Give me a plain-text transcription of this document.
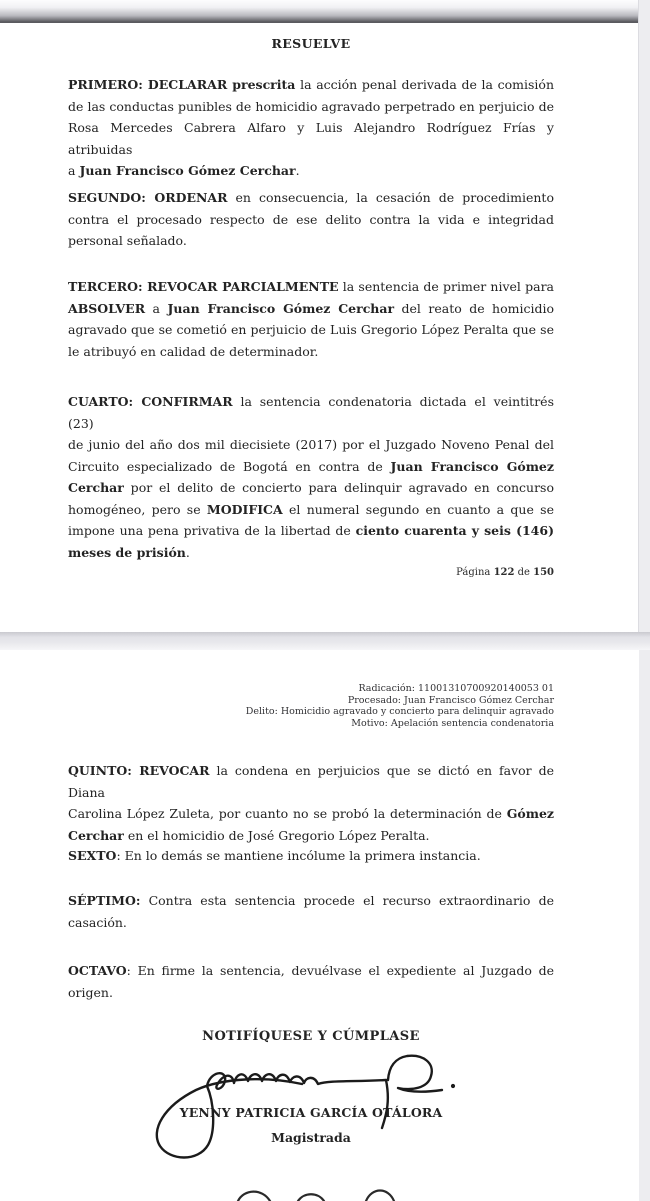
RESUELVE
PRIMERO: DECLARAR prescrita la acción penal derivada de la comisión
de las conductas punibles de homicidio agravado perpetrado en perjuicio de
Rosa Mercedes Cabrera Alfaro y Luis Alejandro Rodríguez Frías y atribuidas
a Juan Francisco Gómez Cerchar.
SEGUNDO: ORDENAR en consecuencia, la cesación de procedimiento
contra el procesado respecto de ese delito contra la vida e integridad
personal señalado.
TERCERO: REVOCAR PARCIALMENTE la sentencia de primer nivel para
ABSOLVER a Juan Francisco Gómez Cerchar del reato de homicidio
agravado que se cometió en perjuicio de Luis Gregorio López Peralta que se
le atribuyó en calidad de determinador.
CUARTO: CONFIRMAR la sentencia condenatoria dictada el veintitrés (23)
de junio del año dos mil diecisiete (2017) por el Juzgado Noveno Penal del
Circuito especializado de Bogotá en contra de Juan Francisco Gómez
Cerchar por el delito de concierto para delinquir agravado en concurso
homogéneo, pero se MODIFICA el numeral segundo en cuanto a que se
impone una pena privativa de la libertad de ciento cuarenta y seis (146)
meses de prisión.
Página 122 de 150
Radicación: 11001310700920140053 01
Procesado: Juan Francisco Gómez Cerchar
Delito: Homicidio agravado y concierto para delinquir agravado
Motivo: Apelación sentencia condenatoria
QUINTO: REVOCAR la condena en perjuicios que se dictó en favor de Diana
Carolina López Zuleta, por cuanto no se probó la determinación de Gómez
Cerchar en el homicidio de José Gregorio López Peralta.
SEXTO: En lo demás se mantiene incólume la primera instancia.
SÉPTIMO: Contra esta sentencia procede el recurso extraordinario de
casación.
OCTAVO: En firme la sentencia, devuélvase el expediente al Juzgado de
origen.
NOTIFÍQUESE Y CÚMPLASE
YENNY PATRICIA GARCÍA OTÁLORA
Magistrada
